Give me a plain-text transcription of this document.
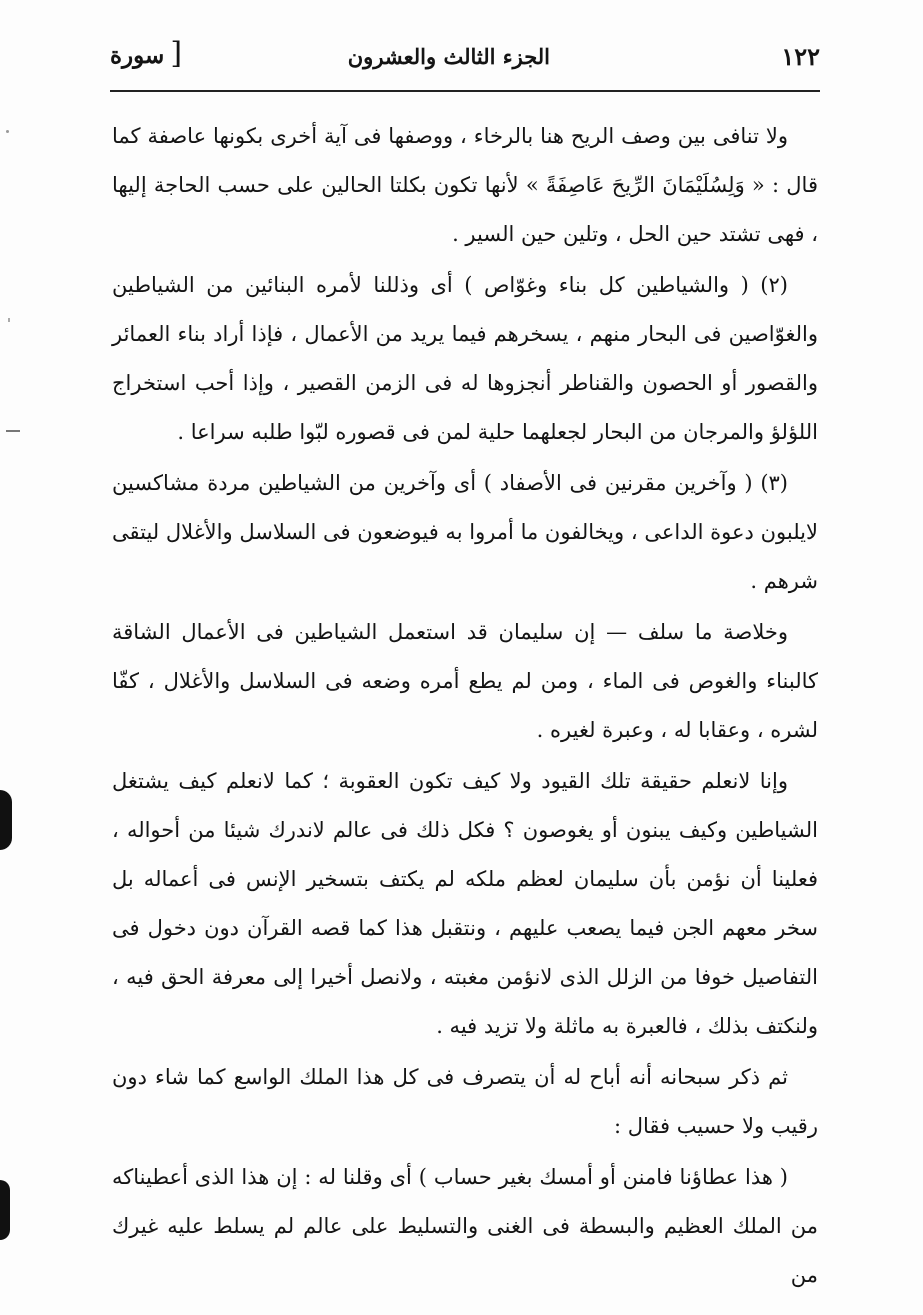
١٢٢
الجزء الثالث والعشرون
[سورة

ولا تنافى بين وصف الريح هنا بالرخاء ، ووصفها فى آية أخرى بكونها عاصفة كما قال : « وَلِسُلَيْمَانَ الرِّيحَ عَاصِفَةً » لأنها تكون بكلتا الحالين على حسب الحاجة إليها ، فهى تشتد حين الحل ، وتلين حين السير .

(٢) ( والشياطين كل بناء وغوّاص ) أى وذللنا لأمره البنائين من الشياطين والغوّاصين فى البحار منهم ، يسخرهم فيما يريد من الأعمال ، فإذا أراد بناء العمائر والقصور أو الحصون والقناطر أنجزوها له فى الزمن القصير ، وإذا أحب استخراج اللؤلؤ والمرجان من البحار لجعلهما حلية لمن فى قصوره لبّوا طلبه سراعا .

(٣) ( وآخرين مقرنين فى الأصفاد ) أى وآخرين من الشياطين مردة مشاكسين لايلبون دعوة الداعى ، ويخالفون ما أمروا به فيوضعون فى السلاسل والأغلال ليتقى شرهم .

وخلاصة ما سلف — إن سليمان قد استعمل الشياطين فى الأعمال الشاقة كالبناء والغوص فى الماء ، ومن لم يطع أمره وضعه فى السلاسل والأغلال ، كفّا لشره ، وعقابا له ، وعبرة لغيره .

وإنا لانعلم حقيقة تلك القيود ولا كيف تكون العقوبة ؛ كما لانعلم كيف يشتغل الشياطين وكيف يبنون أو يغوصون ؟ فكل ذلك فى عالم لاندرك شيئا من أحواله ، فعلينا أن نؤمن بأن سليمان لعظم ملكه لم يكتف بتسخير الإنس فى أعماله بل سخر معهم الجن فيما يصعب عليهم ، ونتقبل هذا كما قصه القرآن دون دخول فى التفاصيل خوفا من الزلل الذى لانؤمن مغبته ، ولانصل أخيرا إلى معرفة الحق فيه ، ولنكتف بذلك ، فالعبرة به ماثلة ولا تزيد فيه .

ثم ذكر سبحانه أنه أباح له أن يتصرف فى كل هذا الملك الواسع كما شاء دون رقيب ولا حسيب فقال :

( هذا عطاؤنا فامنن أو أمسك بغير حساب ) أى وقلنا له : إن هذا الذى أعطيناكه من الملك العظيم والبسطة فى الغنى والتسليط على عالم لم يسلط عليه غيرك من
